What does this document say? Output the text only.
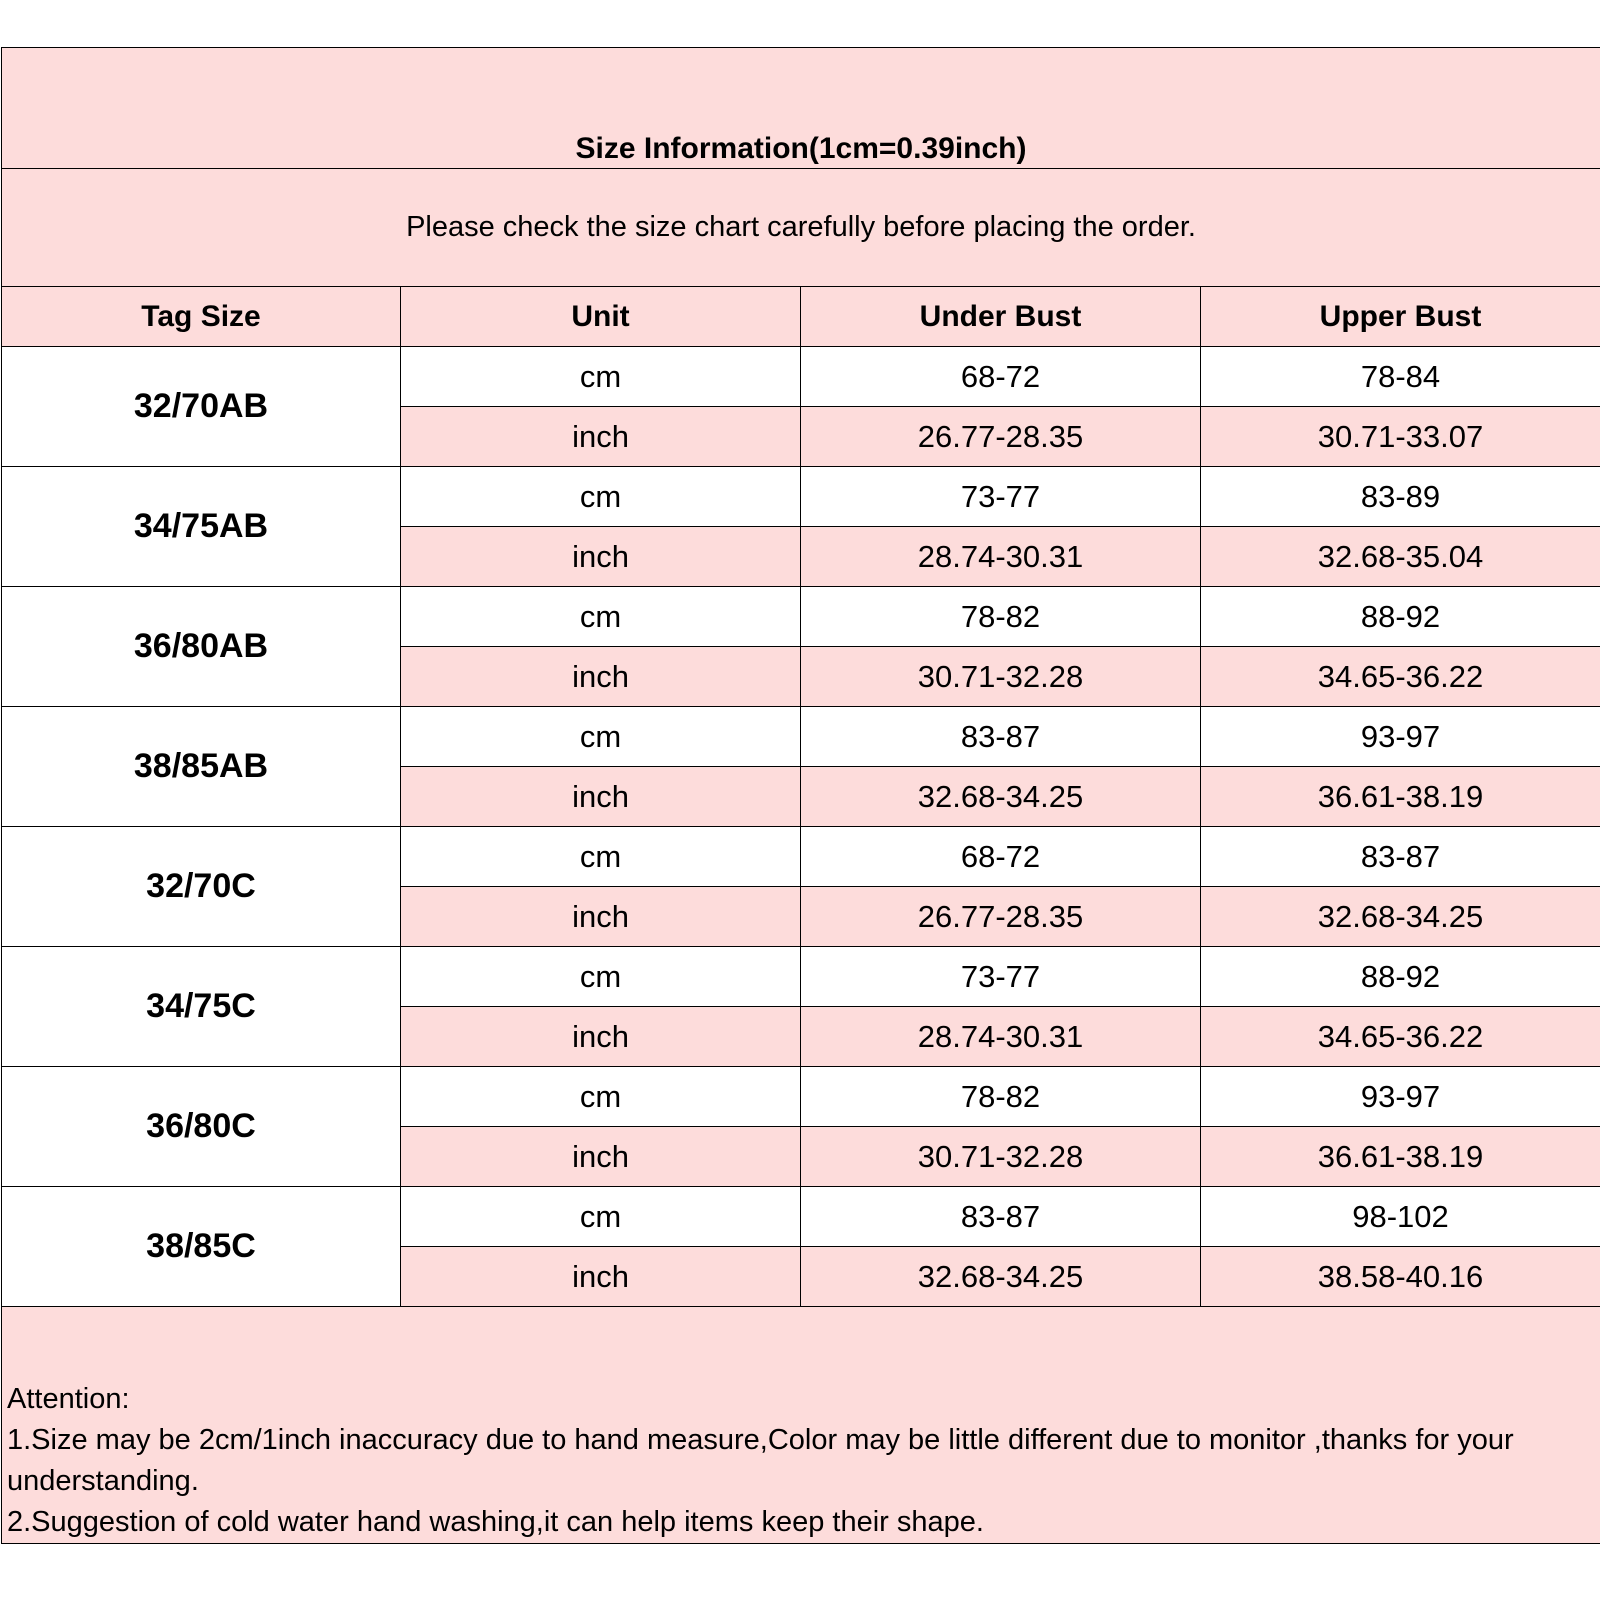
Size Information(1cm=0.39inch)			
Please check the size chart carefully before placing the order.			
Tag Size	Unit	Under Bust	Upper Bust
32/70AB	cm	68-72	78-84
	inch	26.77-28.35	30.71-33.07
34/75AB	cm	73-77	83-89
	inch	28.74-30.31	32.68-35.04
36/80AB	cm	78-82	88-92
	inch	30.71-32.28	34.65-36.22
38/85AB	cm	83-87	93-97
	inch	32.68-34.25	36.61-38.19
32/70C	cm	68-72	83-87
	inch	26.77-28.35	32.68-34.25
34/75C	cm	73-77	88-92
	inch	28.74-30.31	34.65-36.22
36/80C	cm	78-82	93-97
	inch	30.71-32.28	36.61-38.19
38/85C	cm	83-87	98-102
	inch	32.68-34.25	38.58-40.16

Attention:
1.Size may be 2cm/1inch inaccuracy due to hand measure,Color may be little different due to monitor ,thanks for your understanding.
2.Suggestion of cold water hand washing,it can help items keep their shape.			
